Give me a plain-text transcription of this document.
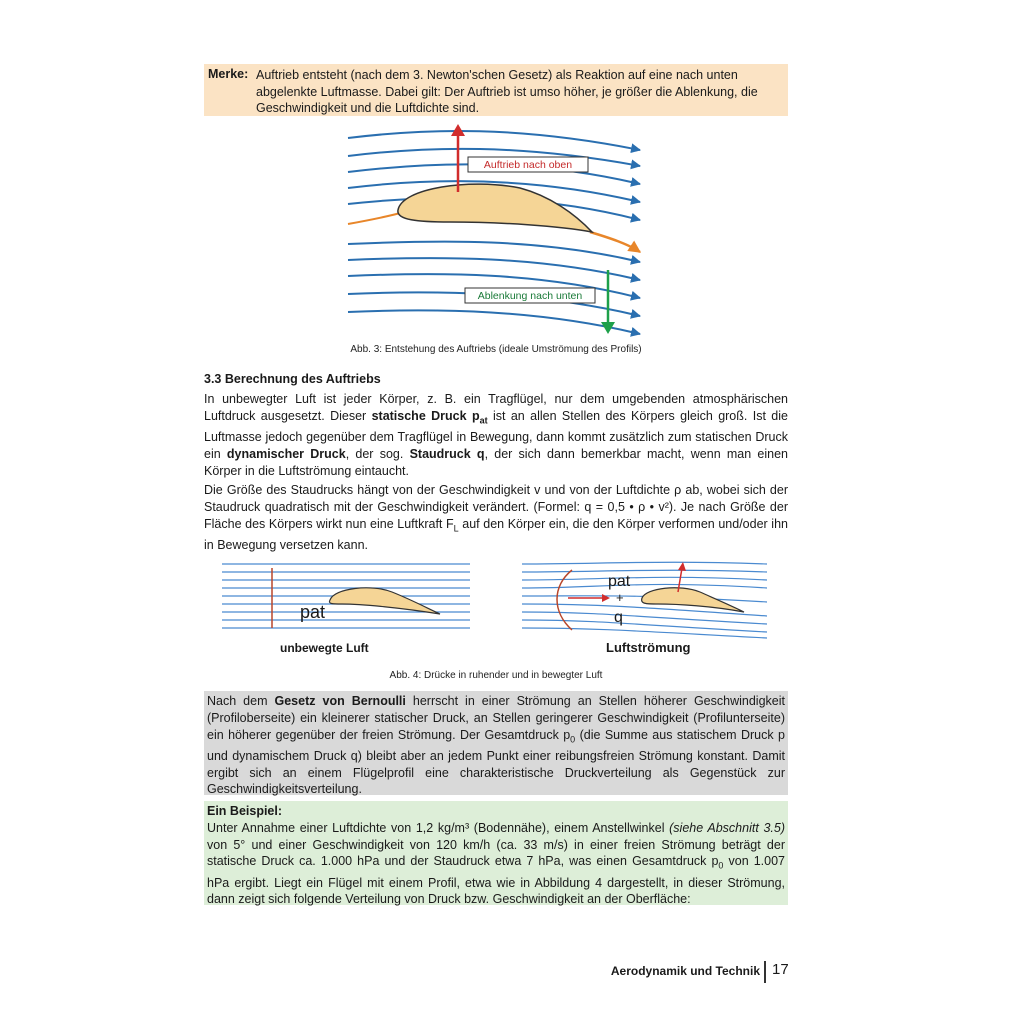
Merke: Auftrieb entsteht (nach dem 3. Newton'schen Gesetz) als Reaktion auf eine nach unten abgelenkte Luftmasse. Dabei gilt: Der Auftrieb ist umso höher, je größer die Ablenkung, die Geschwindigkeit und die Luftdichte sind.
Auftrieb nach oben
Ablenkung nach unten
Abb. 3: Entstehung des Auftriebs (ideale Umströmung des Profils)
3.3 Berechnung des Auftriebs
In unbewegter Luft ist jeder Körper, z. B. ein Tragflügel, nur dem umgebenden atmosphärischen Luftdruck ausgesetzt. Dieser statische Druck $p_{at}$ ist an allen Stellen des Körpers gleich groß. Ist die Luftmasse jedoch gegenüber dem Tragflügel in Bewegung, dann kommt zusätzlich zum statischen Druck ein dynamischer Druck, der sog. Staudruck q, der sich dann bemerkbar macht, wenn man einen Körper in die Luftströmung eintaucht.
Die Größe des Staudrucks hängt von der Geschwindigkeit v und von der Luftdichte ρ ab, wobei sich der Staudruck quadratisch mit der Geschwindigkeit verändert. (Formel: q = 0,5 • ρ • v²). Je nach Größe der Fläche des Körpers wirkt nun eine Luftkraft $F_L$ auf den Körper ein, die den Körper verformen und/oder ihn in Bewegung versetzen kann.
pat
unbewegte Luft
pat
+
q
Luftströmung
Abb. 4: Drücke in ruhender und in bewegter Luft
Nach dem Gesetz von Bernoulli herrscht in einer Strömung an Stellen höherer Geschwindigkeit (Profiloberseite) ein kleinerer statischer Druck, an Stellen geringerer Geschwindigkeit (Profilunterseite) ein höherer gegenüber der freien Strömung. Der Gesamtdruck $p_0$ (die Summe aus statischem Druck p und dynamischem Druck q) bleibt aber an jedem Punkt einer reibungsfreien Strömung konstant. Damit ergibt sich an einem Flügelprofil eine charakteristische Druckverteilung als Gegenstück zur Geschwindigkeitsverteilung.
Ein Beispiel:
Unter Annahme einer Luftdichte von 1,2 kg/m³ (Bodennähe), einem Anstellwinkel (siehe Abschnitt 3.5) von 5° und einer Geschwindigkeit von 120 km/h (ca. 33 m/s) in einer freien Strömung beträgt der statische Druck ca. 1.000 hPa und der Staudruck etwa 7 hPa, was einen Gesamtdruck $p_0$ von 1.007 hPa ergibt. Liegt ein Flügel mit einem Profil, etwa wie in Abbildung 4 dargestellt, in dieser Strömung, dann zeigt sich folgende Verteilung von Druck bzw. Geschwindigkeit an der Oberfläche:
Aerodynamik und Technik 17
